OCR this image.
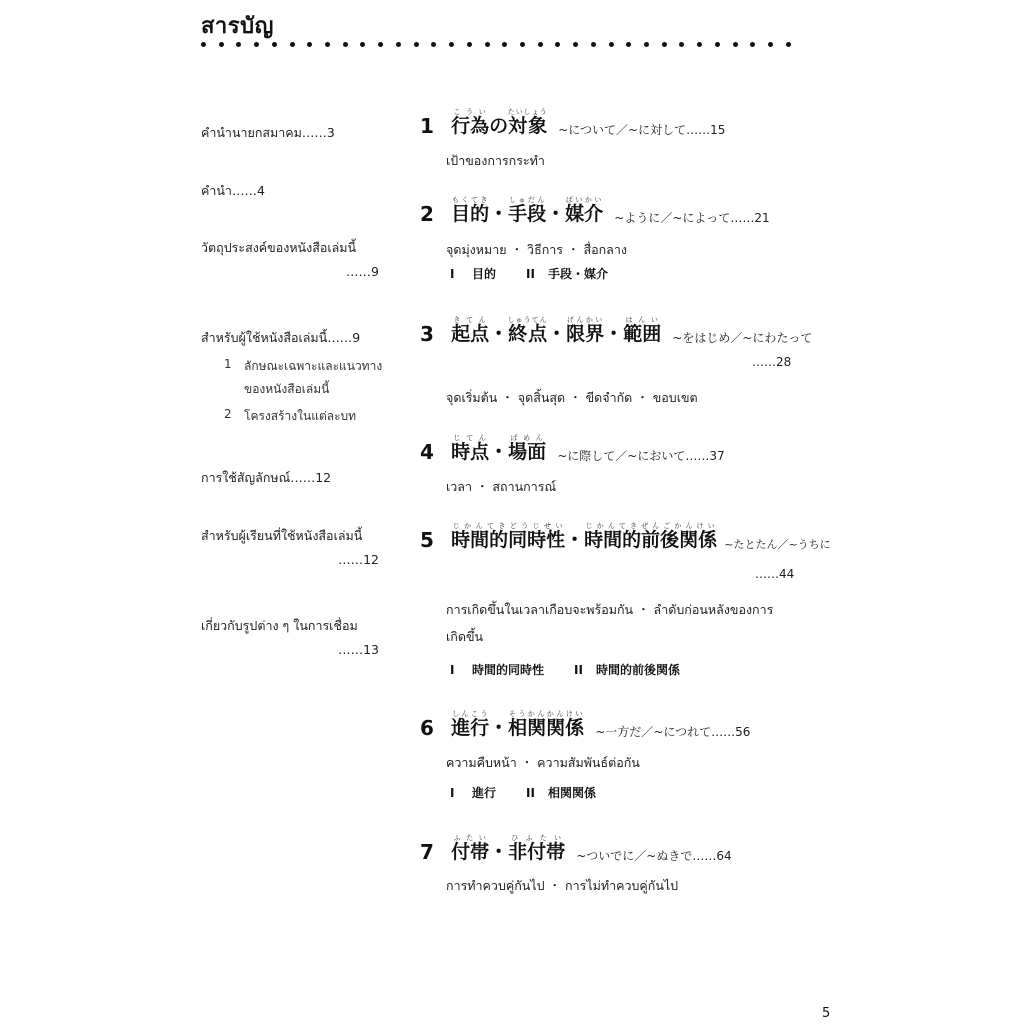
สารบัญ
คำนำนายกสมาคม……3
คำนำ……4
วัตถุประสงค์ของหนังสือเล่มนี้
……9
สำหรับผู้ใช้หนังสือเล่มนี้……9
1 ลักษณะเฉพาะและแนวทาง
ของหนังสือเล่มนี้
2 โครงสร้างในแต่ละบท
การใช้สัญลักษณ์……12
สำหรับผู้เรียนที่ใช้หนังสือเล่มนี้
……12
เกี่ยวกับรูปต่าง ๆ ในการเชื่อม
……13
1 行為こういの対象たいしょう ~について／~に対して……15
เป้าของการกระทำ
2 目的もくてき・手段しゅだん・媒介ばいかい ~ように／~によって……21
จุดมุ่งหมาย ・ วิธีการ ・ สื่อกลาง
I 目的	II 手段・媒介
3 起点きてん・終点しゅうてん・限界げんかい・範囲はんい ~をはじめ／~にわたって
……28
จุดเริ่มต้น ・ จุดสิ้นสุด ・ ขีดจำกัด ・ ขอบเขต
4 時点じてん・場面ばめん ~に際して／~において……37
เวลา ・ สถานการณ์
5 時間的同時性じかんてきどうじせい・時間的前後関係じかんてきぜんごかんけい ~たとたん／~うちに
……44
การเกิดขึ้นในเวลาเกือบจะพร้อมกัน ・ ลำดับก่อนหลังของการ
เกิดขึ้น
I 時間的同時性	II 時間的前後関係
6 進行しんこう・相関関係そうかんかんけい ~一方だ／~につれて……56
ความคืบหน้า ・ ความสัมพันธ์ต่อกัน
I 進行	II 相関関係
7 付帯ふたい・非付帯ひふたい ~ついでに／~ぬきで……64
การทำควบคู่กันไป ・ การไม่ทำควบคู่กันไป
5
